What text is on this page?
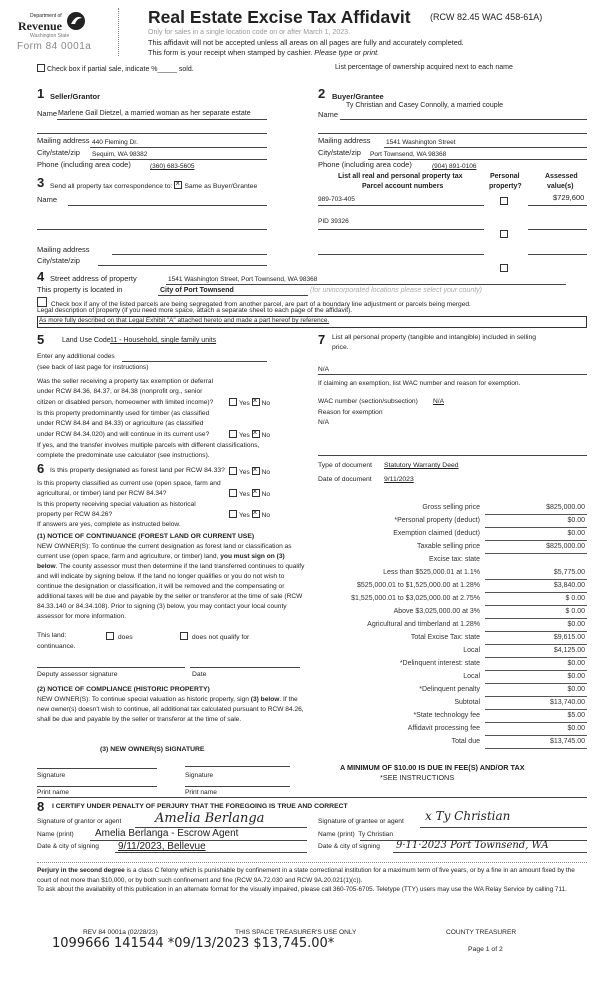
Department of
Revenue
Washington State
Form 84 0001a
Real Estate Excise Tax Affidavit (RCW 82.45 WAC 458-61A)
Only for sales in a single location code on or after March 1, 2023.
This affidavit will not be accepted unless all areas on all pages are fully and accurately completed.
This form is your receipt when stamped by cashier. Please type or print.
Check box if partial sale, indicate %_____ sold.	List percentage of ownership acquired next to each name
1 Seller/Grantor
Name Marlene Gail Dietzel, a married woman as her separate estate
Mailing address 440 Fleming Dr.
City/state/zip Sequim, WA 98382
Phone (including area code)	(360) 683-5605
2 Buyer/Grantee
Name
Ty Christian and Casey Connolly, a married couple
Mailing address 1541 Washington Street
City/state/zip Port Townsend, WA 98368
Phone (including area code)	(904) 891-0106
3 Send all property tax correspondence to: × Same as Buyer/Grantee
Name
Mailing address
City/state/zip
List all real and personal property tax
Parcel account numbers
Personal
property?
Assessed
value(s)
989-703-405	$729,600
PID 39326
4 Street address of property	1541 Washington Street, Port Townsend, WA 98368
This property is located in	City of Port Townsend	(for unincorporated locations please select your county)
Check box if any of the listed parcels are being segregated from another parcel, are part of a boundary line adjustment or parcels being merged.
Legal description of property (if you need more space, attach a separate sheet to each page of the affidavit).
As more fully described on that Legal Exhibit "A" attached hereto and made a part hereof by reference.
5	Land Use Code 11 - Household, single family units
Enter any additional codes
(see back of last page for instructions)
Was the seller receiving a property tax exemption or deferral
under RCW 84.36, 84.37, or 84.38 (nonprofit org., senior
citizen or disabled person, homeowner with limited income)?	Yes × No
Is this property predominantly used for timber (as classified
under RCW 84.84 and 84.33) or agriculture (as classified
under RCW 84.34.020) and will continue in its current use?	Yes × No
If yes, and the transfer involves multiple parcels with different classifications,
complete the predominate use calculator (see instructions).
7 List all personal property (tangible and intangible) included in selling
price.
N/A
If claiming an exemption, list WAC number and reason for exemption.
WAC number (section/subsection) N/A
Reason for exemption
N/A
Type of document Statutory Warranty Deed
Date of document 9/11/2023
6 Is this property designated as forest land per RCW 84.33?	Yes × No
Is this property classified as current use (open space, farm and
agricultural, or timber) land per RCW 84.34?	Yes × No
Is this property receiving special valuation as historical
property per RCW 84.26?	Yes × No
If answers are yes, complete as instructed below.
(1) NOTICE OF CONTINUANCE (FOREST LAND OR CURRENT USE)
NEW OWNER(S): To continue the current designation as forest land or classification as current use (open space, farm and agriculture, or timber) land, you must sign on (3) below. The county assessor must then determine if the land transferred continues to qualify and will indicate by signing below. If the land no longer qualifies or you do not wish to continue the designation or classification, it will be removed and the compensating or additional taxes will be due and payable by the seller or transferor at the time of sale (RCW 84.33.140 or 84.34.108). Prior to signing (3) below, you may contact your local county assessor for more information.
This land:
continuance.
does	does not qualify for
Deputy assessor signature	Date
(2) NOTICE OF COMPLIANCE (HISTORIC PROPERTY)
NEW OWNER(S): To continue special valuation as historic property, sign (3) below. If the new owner(s) doesn't wish to continue, all additional tax calculated pursuant to RCW 84.26, shall be due and payable by the seller or transferor at the time of sale.
(3) NEW OWNER(S) SIGNATURE
Signature	Signature
Print name	Print name
Gross selling price	$825,000.00
*Personal property (deduct)	$0.00
Exemption claimed (deduct)	$0.00
Taxable selling price	$825,000.00
Excise tax: state
Less than $525,000.01 at 1.1%	$5,775.00
$525,000.01 to $1,525,000.00 at 1.28%	$3,840.00
$1,525,000.01 to $3,025,000.00 at 2.75%	$ 0.00
Above $3,025,000.00 at 3%	$ 0.00
Agricultural and timberland at 1.28%	$0.00
Total Excise Tax: state	$9,615.00
Local	$4,125.00
*Delinquent interest: state	$0.00
Local	$0.00
*Delinquent penalty	$0.00
Subtotal	$13,740.00
*State technology fee	$5.00
Affidavit processing fee	$0.00
Total due	$13,745.00
A MINIMUM OF $10.00 IS DUE IN FEE(S) AND/OR TAX
*SEE INSTRUCTIONS
8 I CERTIFY UNDER PENALTY OF PERJURY THAT THE FOREGOING IS TRUE AND CORRECT
Signature of grantor or agent	Amelia Berlanga
Name (print) Amelia Berlanga - Escrow Agent
Date & city of signing 9/11/2023, Bellevue
Signature of grantee or agent x Ty Christian
Name (print) Ty Christian
Date & city of signing 9·11·2023 Port Townsend, WA
Perjury in the second degree is a class C felony which is punishable by confinement in a state correctional institution for a maximum term of five years, or by a fine in an amount fixed by the court of not more than $10,000, or by both such confinement and fine (RCW 9A.72.030 and RCW 9A.20.021(1)(c)).
To ask about the availability of this publication in an alternate format for the visually impaired, please call 360-705-6705. Teletype (TTY) users may use the WA Relay Service by calling 711.
REV 84 0001a (02/28/23)	THIS SPACE TREASURER'S USE ONLY	COUNTY TREASURER
1099666 141544 *09/13/2023 $13,745.00*	Page 1 of 2
